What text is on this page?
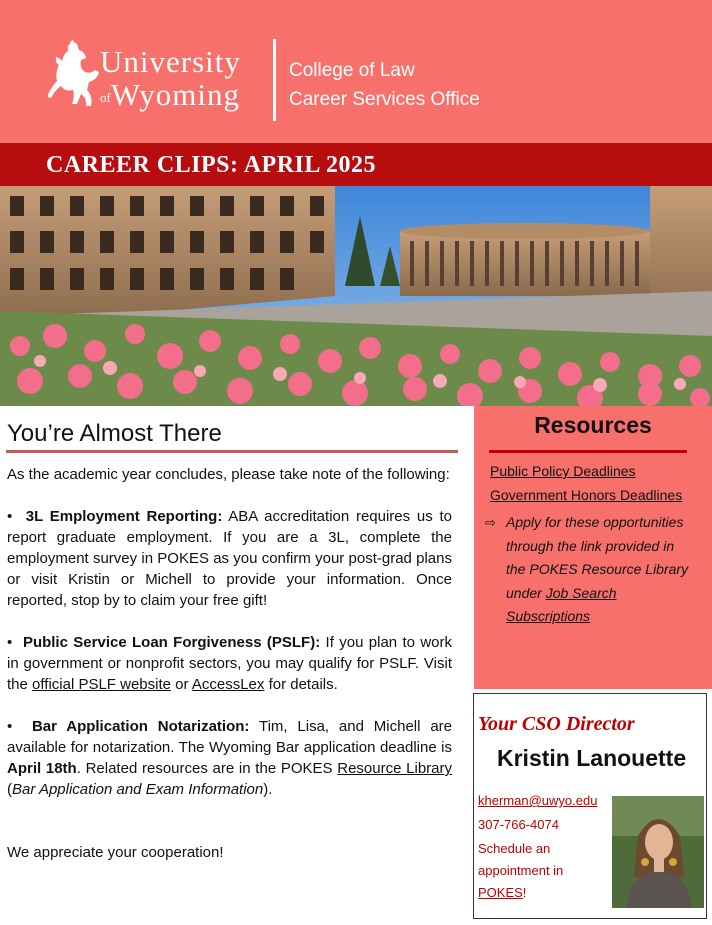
University
ofWyoming
College of Law
Career Services Office
CAREER CLIPS: APRIL 2025
You’re Almost There

As the academic year concludes, please take note of the following:

•  3L Employment Reporting: ABA accreditation requires us to report graduate employment. If you are a 3L, complete the employment survey in POKES as you confirm your post-grad plans or visit Kristin or Michell to provide your information. Once reported, stop by to claim your free gift!

•  Public Service Loan Forgiveness (PSLF): If you plan to work in government or nonprofit sectors, you may qualify for PSLF. Visit the official PSLF website or AccessLex for details.

•  Bar Application Notarization: Tim, Lisa, and Michell are available for notarization. The Wyoming Bar application deadline is April 18th. Related resources are in the POKES Resource Library (Bar Application and Exam Information).

We appreciate your cooperation!

Resources
Public Policy Deadlines
Government Honors Deadlines
⇨ Apply for these opportunities through the link provided in the POKES Resource Library under Job Search Subscriptions
Your CSO Director
Kristin Lanouette
kherman@uwyo.edu
307-766-4074
Schedule an
appointment in
POKES!
